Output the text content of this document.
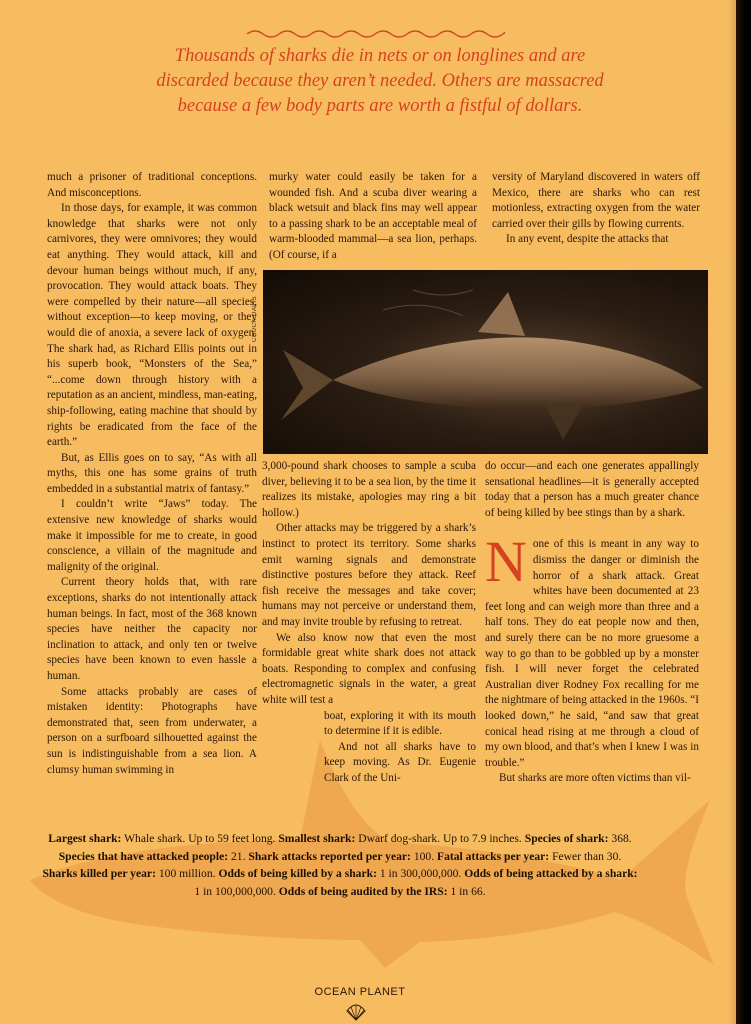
Thousands of sharks die in nets or on longlines and are discarded because they aren’t needed. Others are massacred because a few body parts are worth a fistful of dollars.

much a prisoner of traditional conceptions. And misconceptions.

In those days, for example, it was common knowledge that sharks were not only carnivores, they were omnivores; they would eat anything. They would attack, kill and devour human beings without much, if any, provocation. They would attack boats. They were compelled by their nature—all species, without exception—to keep moving, or they would die of anoxia, a severe lack of oxygen. The shark had, as Richard Ellis points out in his superb book, “Monsters of the Sea,” “...come down through history with a reputation as an ancient, mindless, man-eating, ship-following, eating machine that should by rights be eradicated from the face of the earth.”

But, as Ellis goes on to say, “As with all myths, this one has some grains of truth embedded in a substantial matrix of fantasy.”

I couldn’t write “Jaws” today. The extensive new knowledge of sharks would make it impossible for me to create, in good conscience, a villain of the magnitude and malignity of the original.

Current theory holds that, with rare exceptions, sharks do not intentionally attack human beings. In fact, most of the 368 known species have neither the capacity nor inclination to attack, and only ten or twelve species have been known to even hassle a human.

Some attacks probably are cases of mistaken identity: Photographs have demonstrated that, seen from underwater, a person on a surfboard silhouetted against the sun is indistinguishable from a sea lion. A clumsy human swimming in

murky water could easily be taken for a wounded fish. And a scuba diver wearing a black wetsuit and black fins may well appear to a passing shark to be an acceptable meal of warm-blooded mammal—a sea lion, perhaps. (Of course, if a

versity of Maryland discovered in waters off Mexico, there are sharks who can rest motionless, extracting oxygen from the water carried over their gills by flowing currents.

In any event, despite the attacks that

CHUCK DAVIS

3,000-pound shark chooses to sample a scuba diver, believing it to be a sea lion, by the time it realizes its mistake, apologies may ring a bit hollow.)

Other attacks may be triggered by a shark’s instinct to protect its territory. Some sharks emit warning signals and demonstrate distinctive postures before they attack. Reef fish receive the messages and take cover; humans may not perceive or understand them, and may invite trouble by refusing to retreat.

We also know now that even the most formidable great white shark does not attack boats. Responding to complex and confusing electromagnetic signals in the water, a great white will test a

boat, exploring it with its mouth to determine if it is edible.

And not all sharks have to keep moving. As Dr. Eugenie Clark of the Uni-

do occur—and each one generates appallingly sensational headlines—it is generally accepted today that a person has a much greater chance of being killed by bee stings than by a shark.

N one of this is meant in any way to dismiss the danger or diminish the horror of a shark attack. Great whites have been documented at 23 feet long and can weigh more than three and a half tons. They do eat people now and then, and surely there can be no more gruesome a way to go than to be gobbled up by a monster fish. I will never forget the celebrated Australian diver Rodney Fox recalling for me the nightmare of being attacked in the 1960s. “I looked down,” he said, “and saw that great conical head rising at me through a cloud of my own blood, and that’s when I knew I was in trouble.”

But sharks are more often victims than vil-

Largest shark: Whale shark. Up to 59 feet long. Smallest shark: Dwarf dog-shark. Up to 7.9 inches. Species of shark: 368. Species that have attacked people: 21. Shark attacks reported per year: 100. Fatal attacks per year: Fewer than 30. Sharks killed per year: 100 million. Odds of being killed by a shark: 1 in 300,000,000. Odds of being attacked by a shark: 1 in 100,000,000. Odds of being audited by the IRS: 1 in 66.

OCEAN PLANET
